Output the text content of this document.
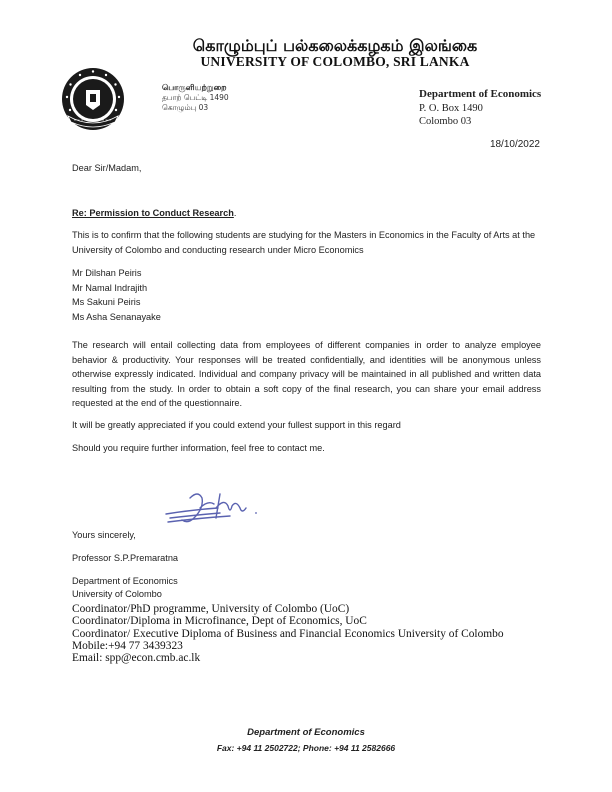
கொழும்புப் பல்கலைக்கழகம் இலங்கை
UNIVERSITY OF COLOMBO, SRI LANKA
பொருளியற்றுறை
தபாற் பெட்டி 1490
கொழும்பு 03
Department of Economics
P. O. Box 1490
Colombo 03
18/10/2022
Dear Sir/Madam,
Re: Permission to Conduct Research.
This is to confirm that the following students are studying for the Masters in Economics in the Faculty of Arts at the University of Colombo and conducting research under Micro Economics
Mr Dilshan Peiris
Mr Namal Indrajith
Ms Sakuni Peiris
Ms Asha Senanayake
The research will entail collecting data from employees of different companies in order to analyze employee behavior & productivity. Your responses will be treated confidentially, and identities will be anonymous unless otherwise expressly indicated. Individual and company privacy will be maintained in all published and written data resulting from the study. In order to obtain a soft copy of the final research, you can share your email address requested at the end of the questionnaire.
It will be greatly appreciated if you could extend your fullest support in this regard
Should you require further information, feel free to contact me.
Yours sincerely,
Professor S.P.Premaratna
Department of Economics
University of Colombo
Coordinator/PhD programme, University of Colombo (UoC)
Coordinator/Diploma in Microfinance, Dept of Economics, UoC
Coordinator/ Executive Diploma of Business and Financial Economics University of Colombo
Mobile:+94 77 3439323
Email: spp@econ.cmb.ac.lk
Department of Economics
Fax: +94 11 2502722; Phone: +94 11 2582666
